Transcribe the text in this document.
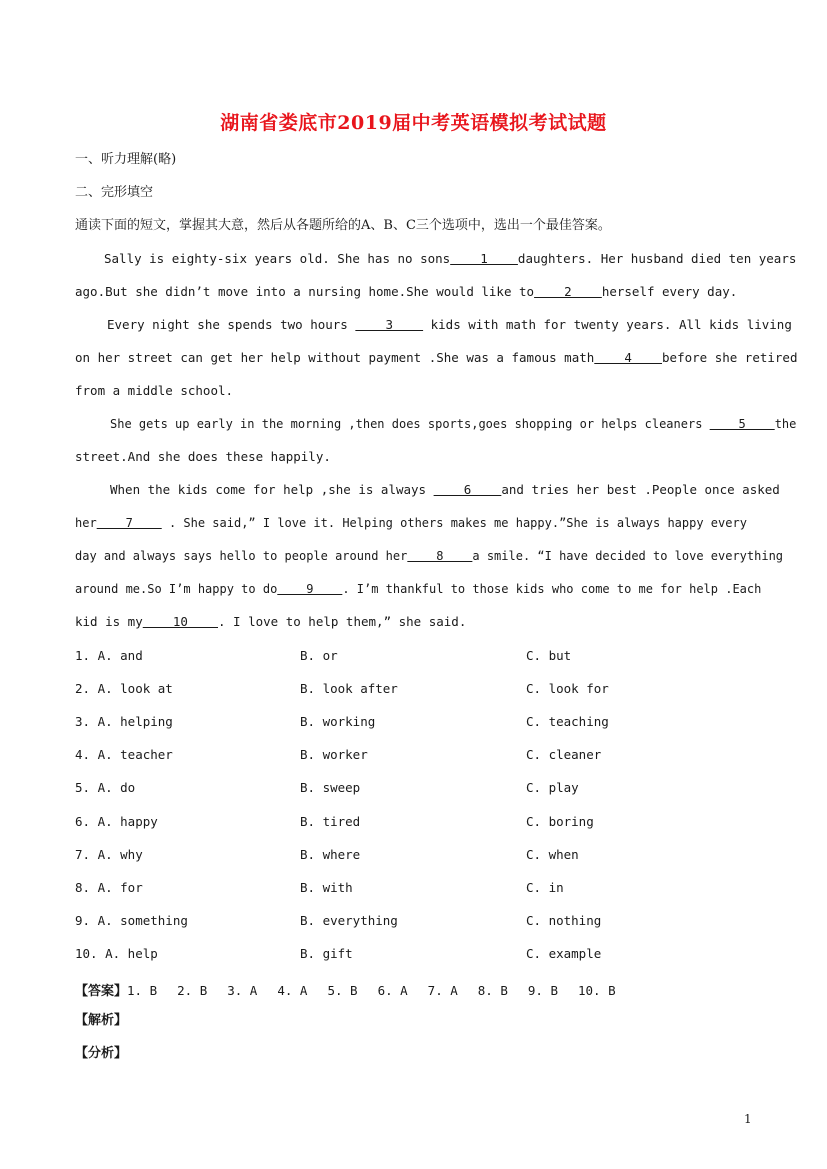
湖南省娄底市2019届中考英语模拟考试试题
一、听力理解(略)
二、完形填空
通读下面的短文，掌握其大意，然后从各题所给的A、B、C三个选项中，选出一个最佳答案。
Sally is eighty-six years old. She has no sons    1    daughters. Her husband died ten years
ago.But she didn’t move into a nursing home.She would like to    2    herself every day.
Every night she spends two hours     3     kids with math for twenty years. All kids living
on her street can get her help without payment .She was a famous math    4    before she retired
from a middle school.
She gets up early in the morning ,then does sports,goes shopping or helps cleaners     5    the
street.And she does these happily.
When the kids come for help ,she is always     6    and tries her best .People once asked
her    7     . She said,” I love it. Helping others makes me happy.”She is always happy every
day and always says hello to people around her    8    a smile. “I have decided to love everything
around me.So I’m happy to do    9    . I’m thankful to those kids who come to me for help .Each
kid is my    10    . I love to help them,” she said.
1. A. and	B. or	C. but
2. A. look at	B. look after	C. look for
3. A. helping	B. working	C. teaching
4. A. teacher	B. worker	C. cleaner
5. A. do	B. sweep	C. play
6. A. happy	B. tired	C. boring
7. A. why	B. where	C. when
8. A. for	B. with	C. in
9. A. something	B. everything	C. nothing
10. A. help	B. gift	C. example
【答案】1. B 2. B 3. A 4. A 5. B 6. A 7. A 8. B 9. B 10. B
【解析】
【分析】
1
